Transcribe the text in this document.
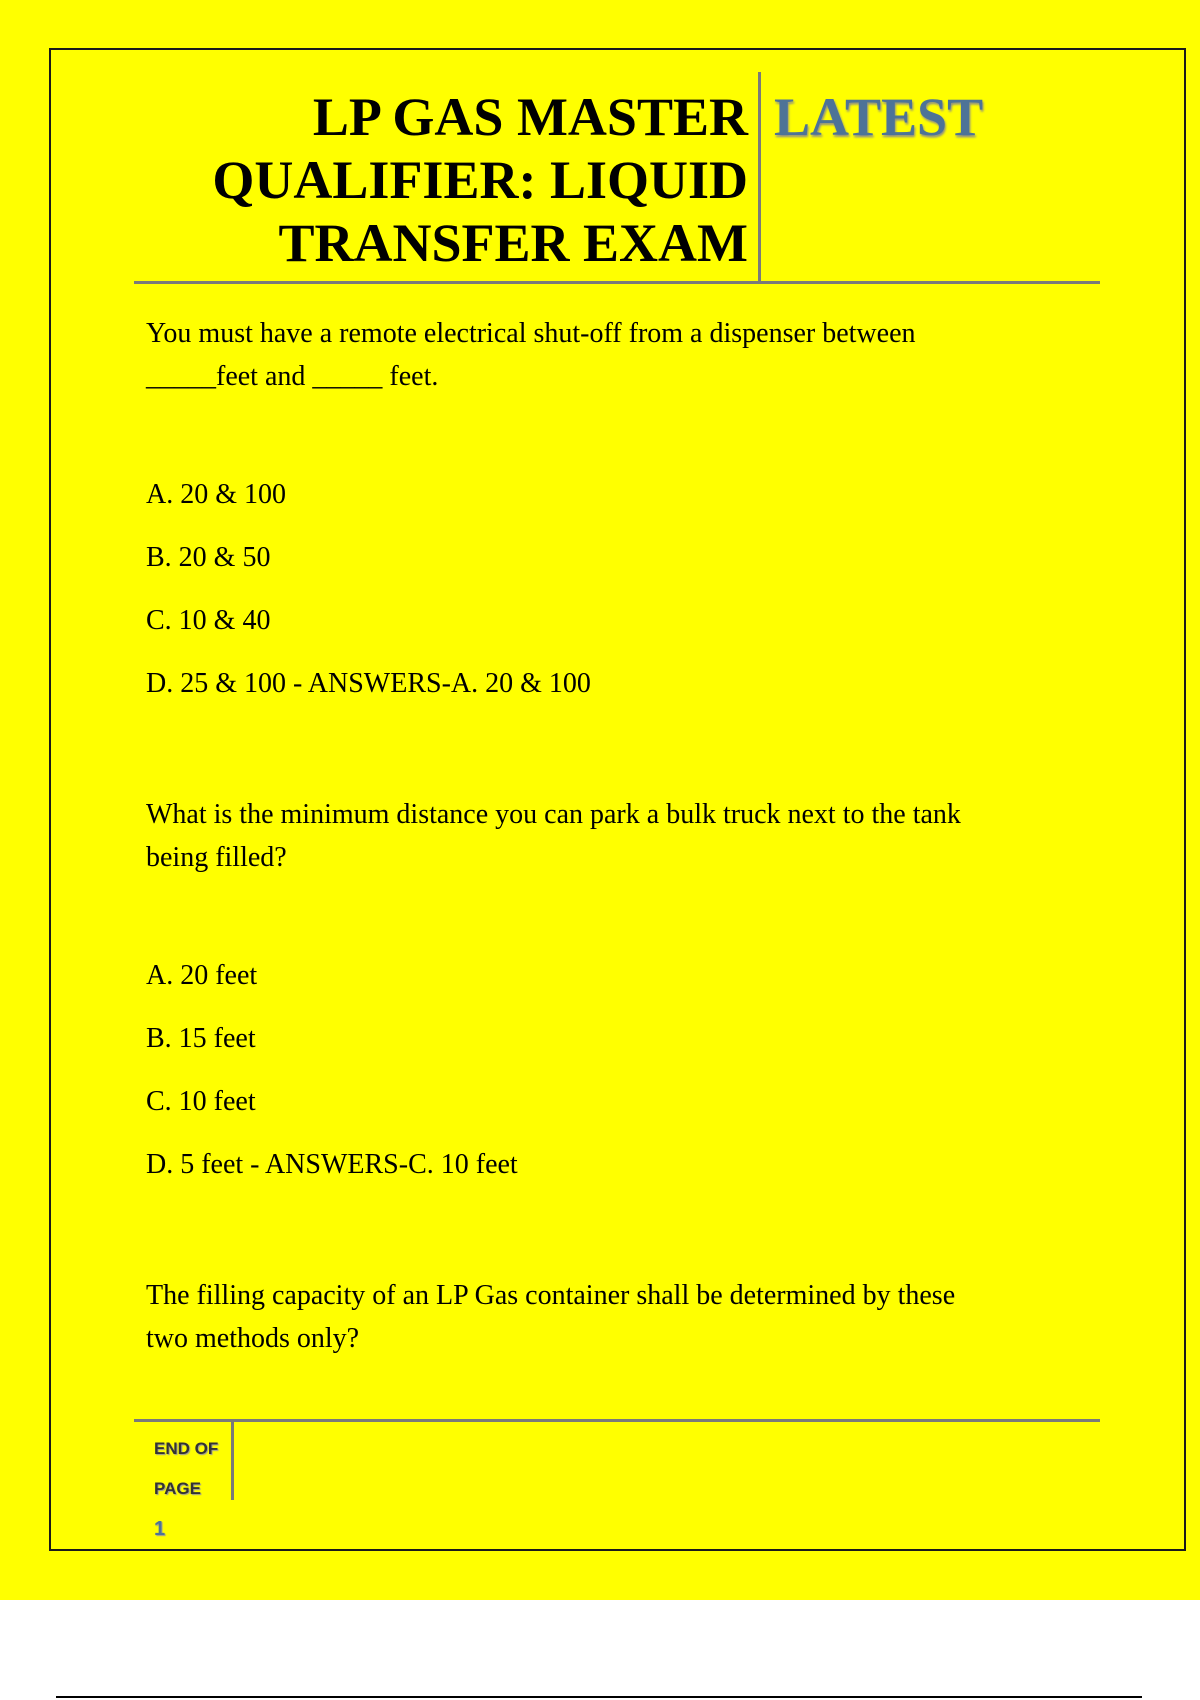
LP GAS MASTER
QUALIFIER: LIQUID
TRANSFER EXAM
LATEST

You must have a remote electrical shut-off from a dispenser between
_____feet and _____ feet.

A. 20 & 100
B. 20 & 50
C. 10 & 40
D. 25 & 100 - ANSWERS-A. 20 & 100

What is the minimum distance you can park a bulk truck next to the tank
being filled?

A. 20 feet
B. 15 feet
C. 10 feet
D. 5 feet - ANSWERS-C. 10 feet

The filling capacity of an LP Gas container shall be determined by these
two methods only?

END OF
PAGE
1
